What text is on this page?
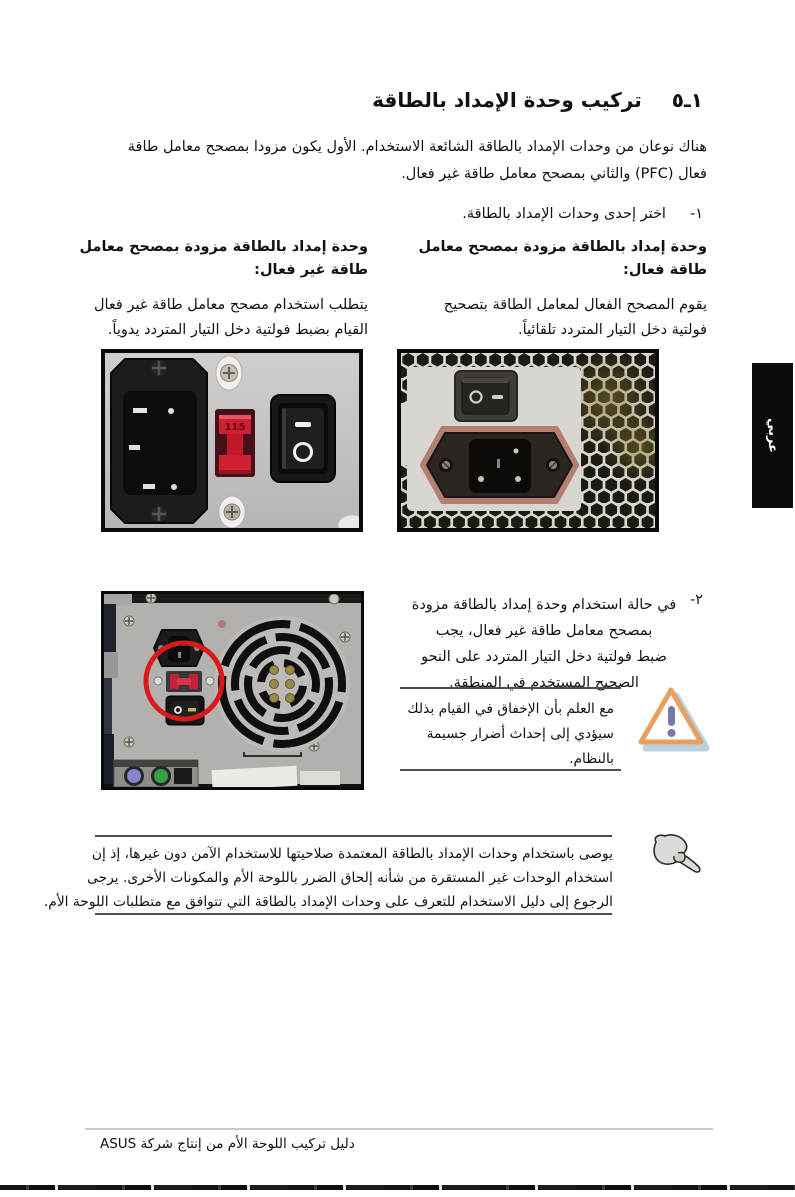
عربي
١ـ٥
تركيب وحدة الإمداد بالطاقة
هناك نوعان من وحدات الإمداد بالطاقة الشائعة الاستخدام. الأول يكون مزودا بمصحح معامل طاقة
فعال (PFC) والثاني بمصحح معامل طاقة غير فعال.
١-
اختر إحدى وحدات الإمداد بالطاقة.
وحدة إمداد بالطاقة مزودة بمصحح معامل
طاقة فعال:
يقوم المصحح الفعال لمعامل الطاقة بتصحيح
فولتية دخل التيار المتردد تلقائياً.
وحدة إمداد بالطاقة مزودة بمصحح معامل
طاقة غير فعال:
يتطلب استخدام مصحح معامل طاقة غير فعال
القيام بضبط فولتية دخل التيار المتردد يدوياً.
115
٢-
في حالة استخدام وحدة إمداد بالطاقة مزودة
بمصحح معامل طاقة غير فعال، يجب
ضبط فولتية دخل التيار المتردد على النحو
الصحيح المستخدم في المنطقة.
مع العلم بأن الإخفاق في القيام بذلك
سيؤدي إلى إحداث أضرار جسيمة
بالنظام.
يوصى باستخدام وحدات الإمداد بالطاقة المعتمدة صلاحيتها للاستخدام الآمن دون غيرها، إذ إن
استخدام الوحدات غير المستقرة من شأنه إلحاق الضرر باللوحة الأم والمكونات الأخرى. يرجى
الرجوع إلى دليل الاستخدام للتعرف على وحدات الإمداد بالطاقة التي تتوافق مع متطلبات اللوحة الأم.
دليل تركيب اللوحة الأم من إنتاج شركة ASUS
